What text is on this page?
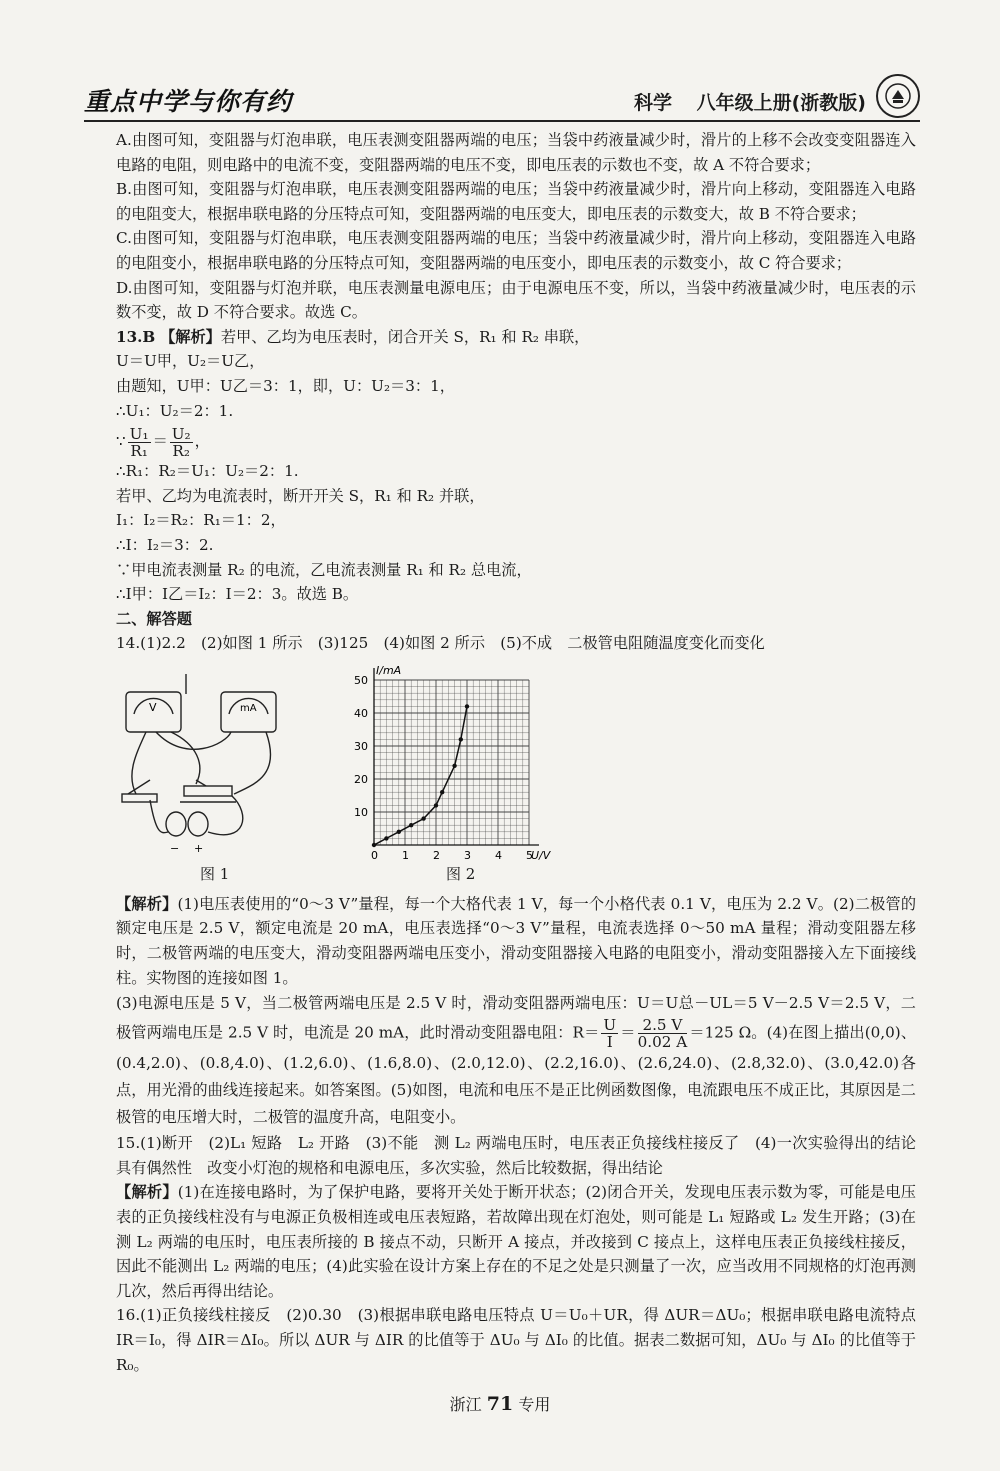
重点中学与你有约	科学 八年级上册(浙教版)

A.由图可知，变阻器与灯泡串联，电压表测变阻器两端的电压；当袋中药液量减少时，滑片的上移不会改变变阻器连入电路的电阻，则电路中的电流不变，变阻器两端的电压不变，即电压表的示数也不变，故 A 不符合要求；

B.由图可知，变阻器与灯泡串联，电压表测变阻器两端的电压；当袋中药液量减少时，滑片向上移动，变阻器连入电路的电阻变大，根据串联电路的分压特点可知，变阻器两端的电压变大，即电压表的示数变大，故 B 不符合要求；

C.由图可知，变阻器与灯泡串联，电压表测变阻器两端的电压；当袋中药液量减少时，滑片向上移动，变阻器连入电路的电阻变小，根据串联电路的分压特点可知，变阻器两端的电压变小，即电压表的示数变小，故 C 符合要求；

D.由图可知，变阻器与灯泡并联，电压表测量电源电压；由于电源电压不变，所以，当袋中药液量减少时，电压表的示数不变，故 D 不符合要求。故选 C。

13.B 【解析】若甲、乙均为电压表时，闭合开关 S，R₁ 和 R₂ 串联，

U＝U甲，U₂＝U乙，

由题知，U甲：U乙＝3：1，即，U：U₂＝3：1，

∴U₁：U₂＝2：1.

∵ $\frac{\text{U₁}}{\text{R₁}} = \frac{\text{U₂}}{\text{R₂}}$ ，

∴R₁：R₂＝U₁：U₂＝2：1.

若甲、乙均为电流表时，断开开关 S，R₁ 和 R₂ 并联，

I₁：I₂＝R₂：R₁＝1：2，

∴I：I₂＝3：2.

∵甲电流表测量 R₂ 的电流，乙电流表测量 R₁ 和 R₂ 总电流，

∴I甲：I乙＝I₂：I＝2：3。故选 B。

二、解答题

14.(1)2.2　(2)如图 1 所示　(3)125　(4)如图 2 所示　(5)不成　二极管电阻随温度变化而变化

V	mA
− +
0 1 2 3 4 5
10
20
30
40
50
U/V
I/mA
图 1	图 2

【解析】(1)电压表使用的“0～3 V”量程，每一个大格代表 1 V，每一个小格代表 0.1 V，电压为 2.2 V。(2)二极管的额定电压是 2.5 V，额定电流是 20 mA，电压表选择“0～3 V”量程，电流表选择 0～50 mA 量程；滑动变阻器左移时，二极管两端的电压变大，滑动变阻器两端电压变小，滑动变阻器接入电路的电阻变小，滑动变阻器接入左下面接线柱。实物图的连接如图 1。

(3)电源电压是 5 V，当二极管两端电压是 2.5 V 时，滑动变阻器两端电压：U＝U总－UL＝5 V－2.5 V＝2.5 V，二极管两端电压是 2.5 V 时，电流是 20 mA，此时滑动变阻器电阻：$R= \frac{U}{I} = \frac{2.5 V}{0.02 A} =125$ Ω。(4)在图上描出(0,0)、(0.4,2.0)、(0.8,4.0)、(1.2,6.0)、(1.6,8.0)、(2.0,12.0)、(2.2,16.0)、(2.6,24.0)、(2.8,32.0)、(3.0,42.0)各点，用光滑的曲线连接起来。如答案图。(5)如图，电流和电压不是正比例函数图像，电流跟电压不成正比，其原因是二极管的电压增大时，二极管的温度升高，电阻变小。

15.(1)断开　(2)L₁ 短路　L₂ 开路　(3)不能　测 L₂ 两端电压时，电压表正负接线柱接反了　(4)一次实验得出的结论具有偶然性　改变小灯泡的规格和电源电压，多次实验，然后比较数据，得出结论

【解析】(1)在连接电路时，为了保护电路，要将开关处于断开状态；(2)闭合开关，发现电压表示数为零，可能是电压表的正负接线柱没有与电源正负极相连或电压表短路，若故障出现在灯泡处，则可能是 L₁ 短路或 L₂ 发生开路；(3)在测 L₂ 两端的电压时，电压表所接的 B 接点不动，只断开 A 接点，并改接到 C 接点上，这样电压表正负接线柱接反，因此不能测出 L₂ 两端的电压；(4)此实验在设计方案上存在的不足之处是只测量了一次，应当改用不同规格的灯泡再测几次，然后再得出结论。

16.(1)正负接线柱接反　(2)0.30　(3)根据串联电路电压特点 U＝U₀＋UR，得 ΔUR＝ΔU₀；根据串联电路电流特点 IR＝I₀，得 ΔIR＝ΔI₀。所以 ΔUR 与 ΔIR 的比值等于 ΔU₀ 与 ΔI₀ 的比值。据表二数据可知，ΔU₀ 与 ΔI₀ 的比值等于 R₀。

浙江 71 专用
